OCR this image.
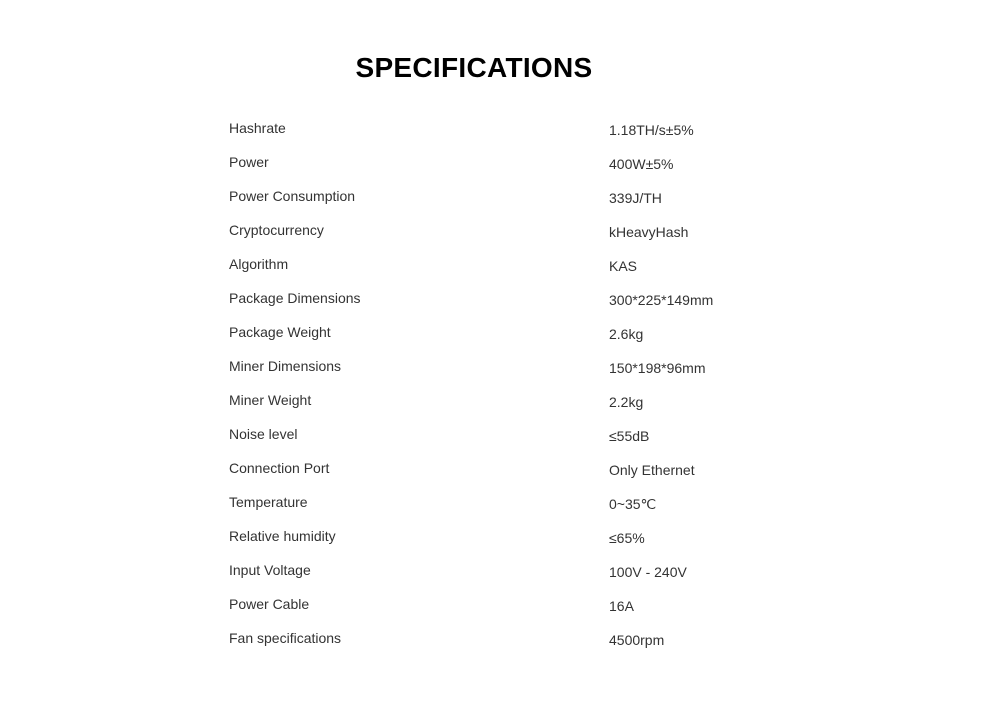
SPECIFICATIONS
Hashrate	1.18TH/s±5%
Power	400W±5%
Power Consumption	339J/TH
Cryptocurrency	kHeavyHash
Algorithm	KAS
Package Dimensions	300*225*149mm
Package Weight	2.6kg
Miner Dimensions	150*198*96mm
Miner Weight	2.2kg
Noise level	≤55dB
Connection Port	Only Ethernet
Temperature	0~35℃
Relative humidity	≤65%
Input Voltage	100V - 240V
Power Cable	16A
Fan specifications	4500rpm
